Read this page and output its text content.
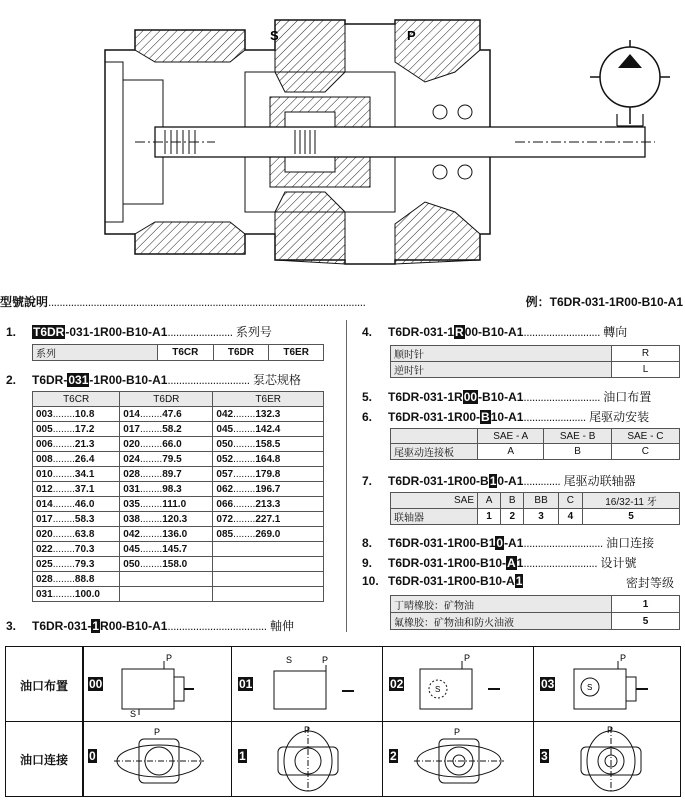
S	P
型號說明................................................................................................................	例：T6DR-031-1R00-B10-A1
1. T6DR-031-1R00-B10-A1....................... 系列号
系列	T6CR	T6DR	T6ER
2. T6DR-031-1R00-B10-A1............................. 泵芯规格
T6CR	T6DR	T6ER
003........10.8	014........47.6	042........132.3
005........17.2	017........58.2	045........142.4
006........21.3	020........66.0	050........158.5
008........26.4	024........79.5	052........164.8
010........34.1	028........89.7	057........179.8
012........37.1	031........98.3	062........196.7
014........46.0	035........111.0	066........213.3
017........58.3	038........120.3	072........227.1
020........63.8	042........136.0	085........269.0
022........70.3	045........145.7	
025........79.3	050........158.0	
028........88.8		
031........100.0		
3. T6DR-031-1R00-B10-A1................................... 軸伸
4. T6DR-031-1R00-B10-A1........................... 轉向
顺时针	R
逆时针	L
5. T6DR-031-1R00-B10-A1........................... 油口布置
6. T6DR-031-1R00-B10-A1...................... 尾驱动安装
	SAE - A	SAE - B	SAE - C
尾驱动连接板	A	B	C
7. T6DR-031-1R00-B10-A1............. 尾驱动联轴器
SAE	A	B	BB	C	16/32-11 牙
联轴器	1	2	3	4	5
8. T6DR-031-1R00-B10-A1............................ 油口连接
9. T6DR-031-1R00-B10-A1.......................... 设计號
10. T6DR-031-1R00-B10-A1	密封等级
丁晴橡胶：矿物油	1
氟橡胶：矿物油和防火油液	5
油口布置
油口连接
00	01	02	03
P
S
S	P
S
P
S
P
0	1	2	3
P	P	P	P
